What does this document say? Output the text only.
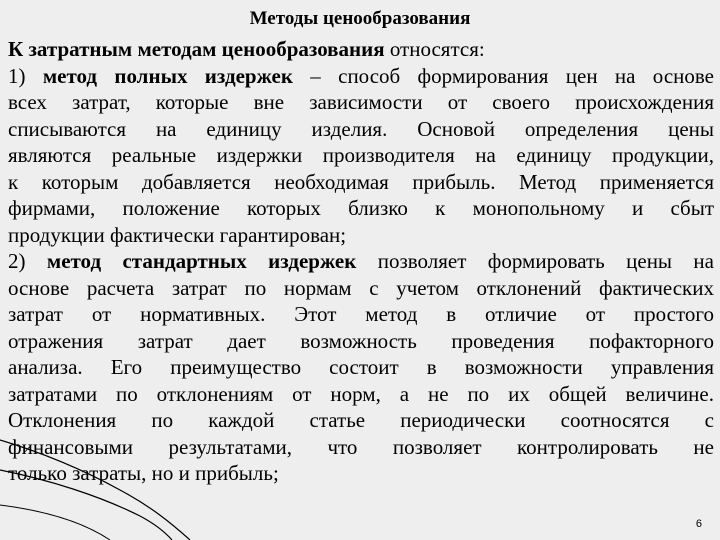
Методы ценообразования
К затратным методам ценообразования относятся:
1) метод полных издержек – способ формирования цен на основе
всех затрат, которые вне зависимости от своего происхождения
списываются на единицу изделия. Основой определения цены
являются реальные издержки производителя на единицу продукции,
к которым добавляется необходимая прибыль. Метод применяется
фирмами, положение которых близко к монопольному и сбыт
продукции фактически гарантирован;
2) метод стандартных издержек позволяет формировать цены на
основе расчета затрат по нормам с учетом отклонений фактических
затрат от нормативных. Этот метод в отличие от простого
отражения затрат дает возможность проведения пофакторного
анализа. Его преимущество состоит в возможности управления
затратами по отклонениям от норм, а не по их общей величине.
Отклонения по каждой статье периодически соотносятся с
финансовыми результатами, что позволяет контролировать не
только затраты, но и прибыль;
6
